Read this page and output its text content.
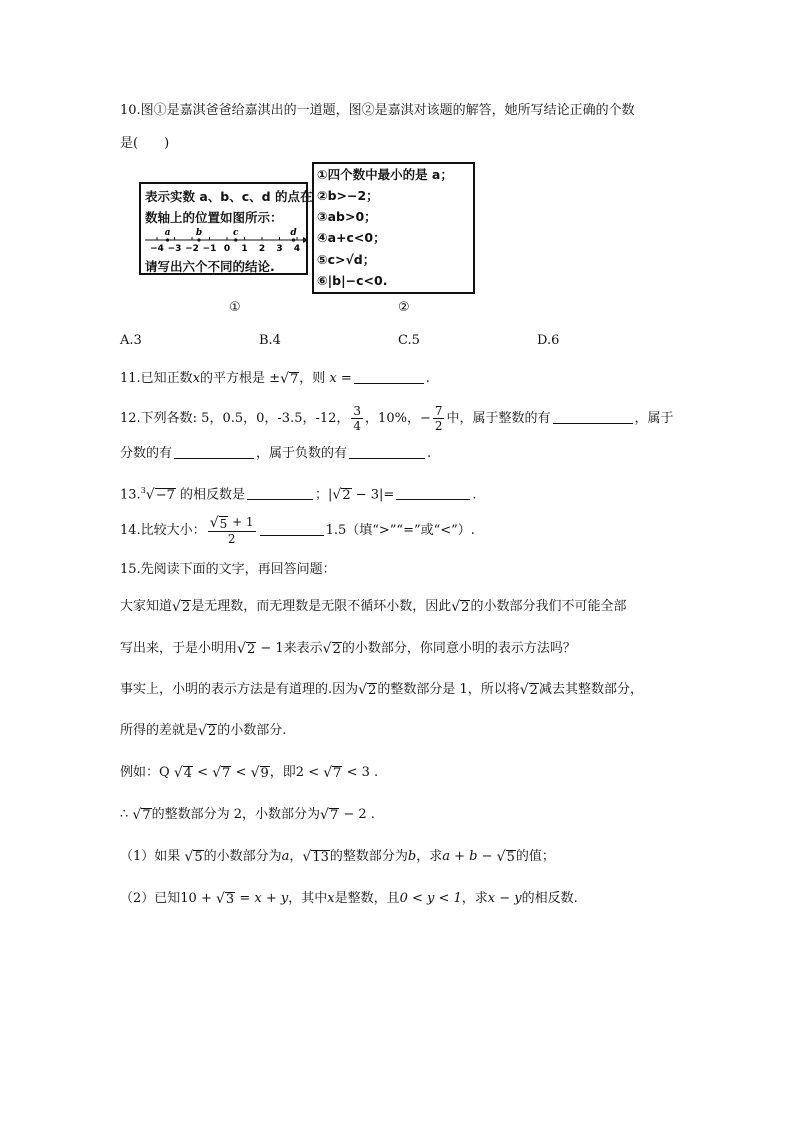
10.图①是嘉淇爸爸给嘉淇出的一道题，图②是嘉淇对该题的解答，她所写结论正确的个数
是(　　)
表示实数 a、b、c、d 的点在
数轴上的位置如图所示：
−4 −3 −2 −1 0 1 2 3 4
a	b	c	d
请写出六个不同的结论.
①四个数中最小的是 a；
②b>−2；
③ab>0；
④a+c<0；
⑤c>√d；
⑥|b|−c<0.
①	②
A.3	B.4	C.5	D.6
11.已知正数x的平方根是 ± √ 7 ，则 x =	.
12.下列各数: 5，0.5，0，-3.5，-12， $\frac{3}{4}$ ，10%，− $\frac{7}{2}$ 中，属于整数的有	，属于
分数的有	，属于负数的有	.
13.$^3$ √ −7 的相反数是	；| √ 2 − 3|=	.
14.比较大小： $\frac{√ 5 + 1}{2}$	1.5（填“>”“=”或“<”）.
15.先阅读下面的文字，再回答问题：
大家知道 √ 2 是无理数，而无理数是无限不循环小数，因此 √ 2 的小数部分我们不可能全部
写出来，于是小明用 √ 2 − 1来表示 √ 2 的小数部分，你同意小明的表示方法吗？
事实上，小明的表示方法是有道理的.因为 √ 2 的整数部分是 1，所以将 √ 2 减去其整数部分，
所得的差就是 √ 2 的小数部分.
例如：Q √ 4 < √ 7 < √ 9 ，即2 < √ 7 < 3 .
∴ √ 7 的整数部分为 2，小数部分为 √ 7 − 2 .
（1）如果 √ 5 的小数部分为a， √ 13 的整数部分为b，求a + b − √ 5 的值；
（2）已知10 + √ 3 = x + y，其中x是整数，且0 < y < 1，求x − y的相反数.
